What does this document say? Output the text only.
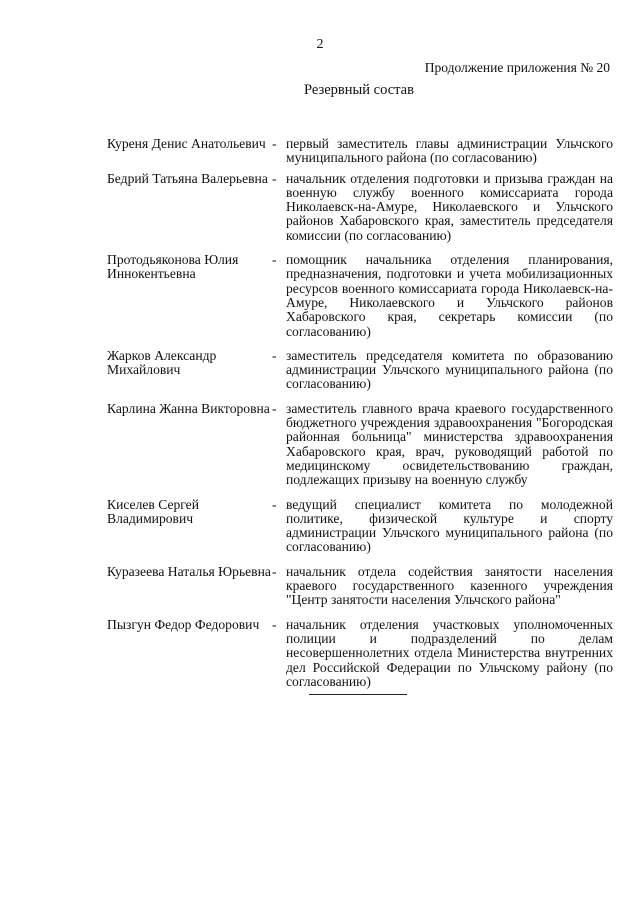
2
Продолжение приложения № 20
Резервный состав
Куреня Денис Анатольевич - первый заместитель главы администрации Ульчского муниципального района (по согласованию)
Бедрий Татьяна Валерьевна - начальник отделения подготовки и призыва граждан на военную службу военного комиссариата города Николаевск-на-Амуре, Николаевского и Ульчского районов Хабаровского края, заместитель председателя комиссии (по согласованию)
Протодьяконова Юлия Иннокентьевна
- помощник начальника отделения планирования, предназначения, подготовки и учета мобилизационных ресурсов военного комиссариата города Николаевск-на-Амуре, Николаевского и Ульчского районов Хабаровского края, секретарь комиссии (по согласованию)
Жарков Александр Михайлович
- заместитель председателя комитета по образованию администрации Ульчского муниципального района (по согласованию)
Карлина Жанна Викторовна - заместитель главного врача краевого государственного бюджетного учреждения здравоохранения "Богородская районная больница" министерства здравоохранения Хабаровского края, врач, руководящий работой по медицинскому освидетельствованию граждан, подлежащих призыву на военную службу
Киселев Сергей Владимирович
- ведущий специалист комитета по молодежной политике, физической культуре и спорту администрации Ульчского муниципального района (по согласованию)
Куразеева Наталья Юрьевна - начальник отдела содействия занятости населения краевого государственного казенного учреждения "Центр занятости населения Ульчского района"
Пызгун Федор Федорович - начальник отделения участковых уполномоченных полиции и подразделений по делам несовершеннолетних отдела Министерства внутренних дел Российской Федерации по Ульчскому району (по согласованию)
